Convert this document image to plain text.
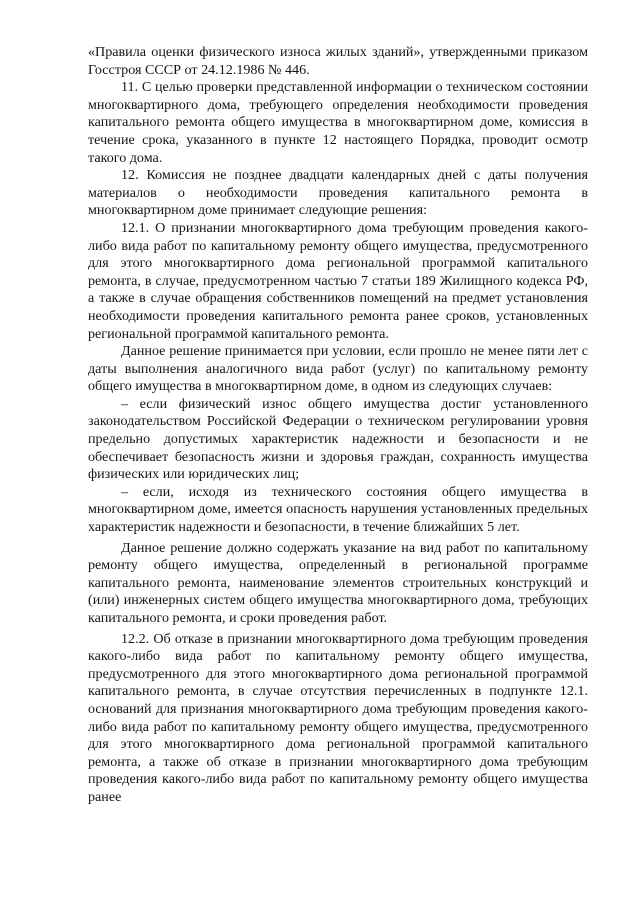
«Правила оценки физического износа жилых зданий», утвержденными приказом Госстроя СССР от 24.12.1986 № 446.

11. С целью проверки представленной информации о техническом состоянии многоквартирного дома, требующего определения необходимости проведения капитального ремонта общего имущества в многоквартирном доме, комиссия в течение срока, указанного в пункте 12 настоящего Порядка, проводит осмотр такого дома.

12. Комиссия не позднее двадцати календарных дней с даты получения материалов о необходимости проведения капитального ремонта в многоквартирном доме принимает следующие решения:

12.1. О признании многоквартирного дома требующим проведения какого-либо вида работ по капитальному ремонту общего имущества, предусмотренного для этого многоквартирного дома региональной программой капитального ремонта, в случае, предусмотренном частью 7 статьи 189 Жилищного кодекса РФ, а также в случае обращения собственников помещений на предмет установления необходимости проведения капитального ремонта ранее сроков, установленных региональной программой капитального ремонта.

Данное решение принимается при условии, если прошло не менее пяти лет с даты выполнения аналогичного вида работ (услуг) по капитальному ремонту общего имущества в многоквартирном доме, в одном из следующих случаев:

– если физический износ общего имущества достиг установленного законодательством Российской Федерации о техническом регулировании уровня предельно допустимых характеристик надежности и безопасности и не обеспечивает безопасность жизни и здоровья граждан, сохранность имущества физических или юридических лиц;

– если, исходя из технического состояния общего имущества в многоквартирном доме, имеется опасность нарушения установленных предельных характеристик надежности и безопасности, в течение ближайших 5 лет.

Данное решение должно содержать указание на вид работ по капитальному ремонту общего имущества, определенный в региональной программе капитального ремонта, наименование элементов строительных конструкций и (или) инженерных систем общего имущества многоквартирного дома, требующих капитального ремонта, и сроки проведения работ.

12.2. Об отказе в признании многоквартирного дома требующим проведения какого-либо вида работ по капитальному ремонту общего имущества, предусмотренного для этого многоквартирного дома региональной программой капитального ремонта, в случае отсутствия перечисленных в подпункте 12.1. оснований для признания многоквартирного дома требующим проведения какого-либо вида работ по капитальному ремонту общего имущества, предусмотренного для этого многоквартирного дома региональной программой капитального ремонта, а также об отказе в признании многоквартирного дома требующим проведения какого-либо вида работ по капитальному ремонту общего имущества ранее
